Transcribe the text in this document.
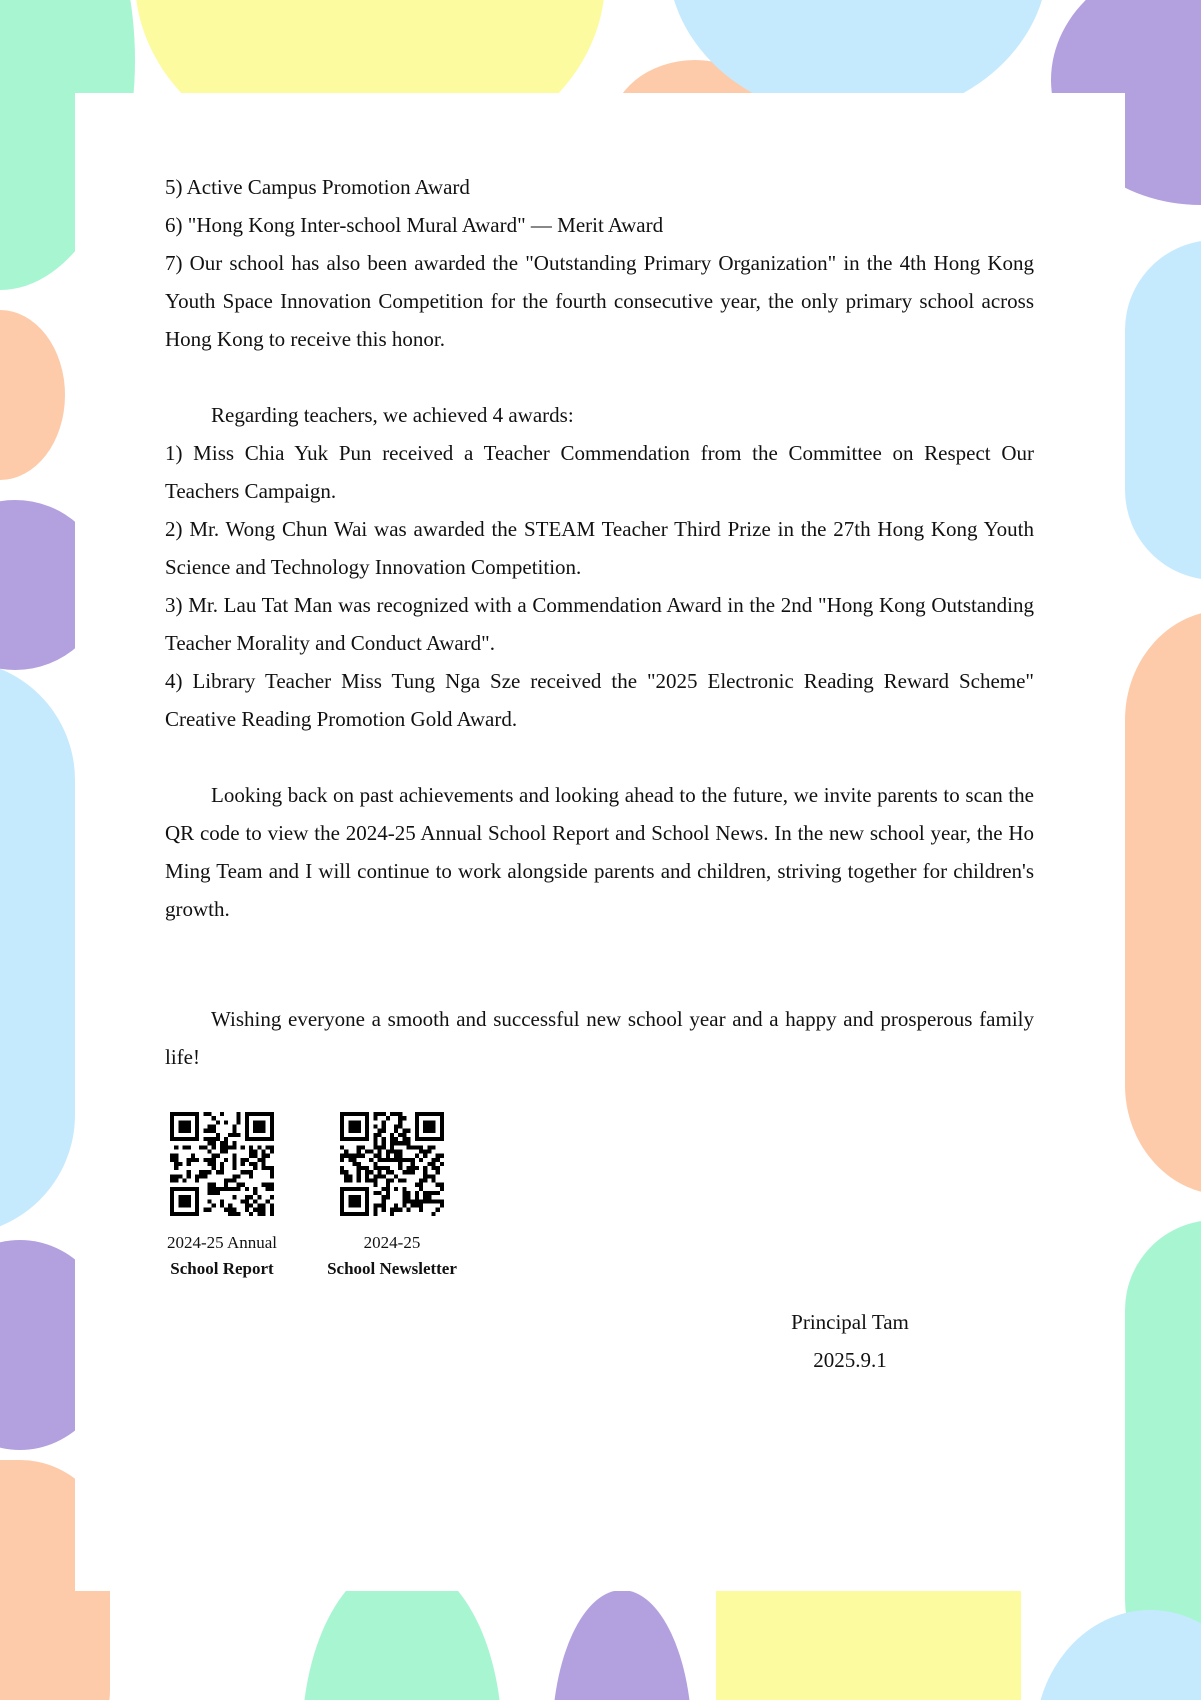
5) Active Campus Promotion Award
6) "Hong Kong Inter-school Mural Award" — Merit Award

7) Our school has also been awarded the "Outstanding Primary Organization" in the 4th Hong Kong Youth Space Innovation Competition for the fourth consecutive year, the only primary school across Hong Kong to receive this honor.

Regarding teachers, we achieved 4 awards:

1) Miss Chia Yuk Pun received a Teacher Commendation from the Committee on Respect Our Teachers Campaign.

2) Mr. Wong Chun Wai was awarded the STEAM Teacher Third Prize in the 27th Hong Kong Youth Science and Technology Innovation Competition.

3) Mr. Lau Tat Man was recognized with a Commendation Award in the 2nd "Hong Kong Outstanding Teacher Morality and Conduct Award".

4) Library Teacher Miss Tung Nga Sze received the "2025 Electronic Reading Reward Scheme" Creative Reading Promotion Gold Award.

Looking back on past achievements and looking ahead to the future, we invite parents to scan the QR code to view the 2024-25 Annual School Report and School News. In the new school year, the Ho Ming Team and I will continue to work alongside parents and children, striving together for children's growth.

Wishing everyone a smooth and successful new school year and a happy and prosperous family life!

2024-25 Annual
School Report
2024-25
School Newsletter
Principal Tam
2025.9.1
